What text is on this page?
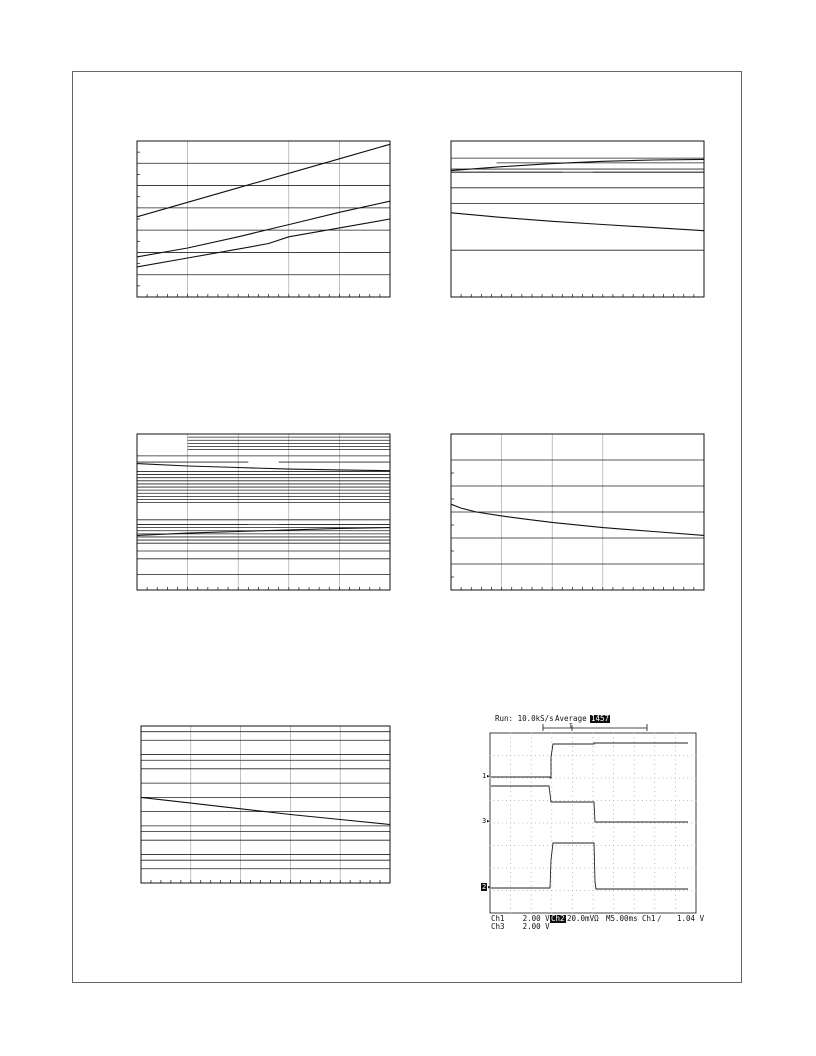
Run: 10.0kS/s Average 1457
1▸
3▸
2▸
T
Ch1    2.00 V
Ch3    2.00 V
Ch2 20.0mVΩ M5.00ms Ch1 ∕ 1.04 V
